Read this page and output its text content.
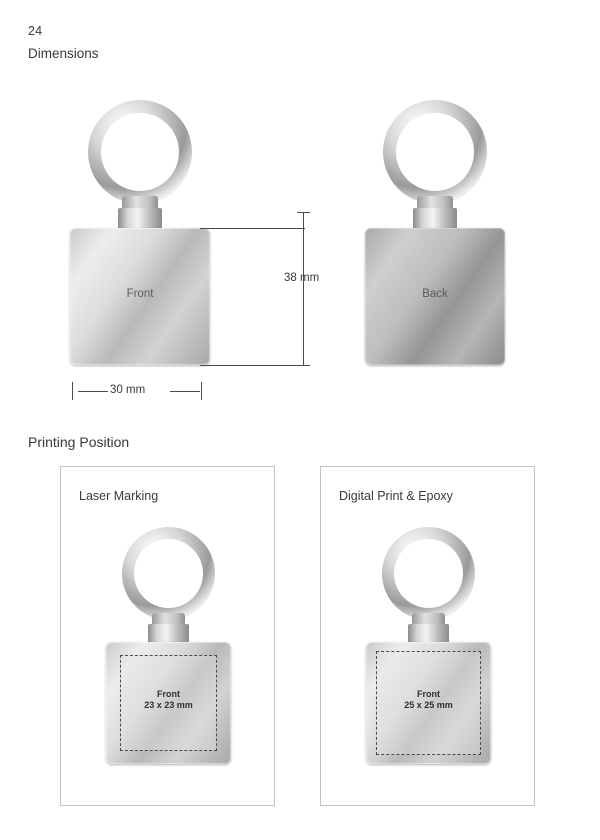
24
Dimensions
Front	Back
38 mm
30 mm
Printing Position
Laser Marking
Front
23 x 23 mm
Digital Print & Epoxy
Front
25 x 25 mm
